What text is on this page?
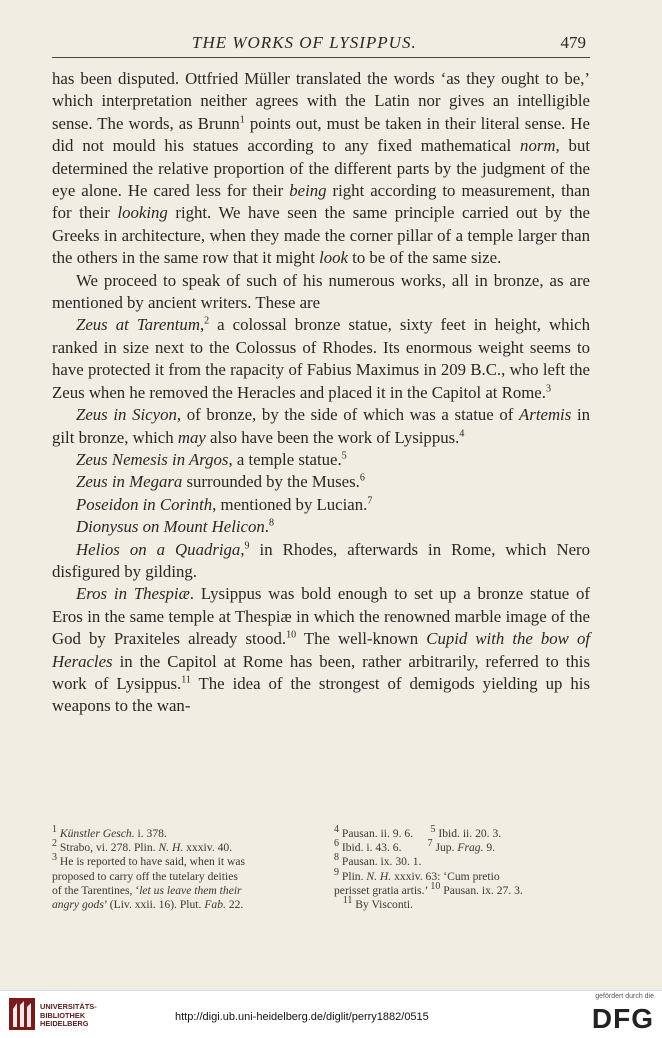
THE WORKS OF LYSIPPUS.	479

has been disputed. Ottfried Müller translated the words ‘as they ought to be,’ which interpretation neither agrees with the Latin nor gives an intelligible sense. The words, as Brunn$^1$ points out, must be taken in their literal sense. He did not mould his statues according to any fixed mathematical norm, but determined the relative proportion of the different parts by the judgment of the eye alone. He cared less for their being right according to measurement, than for their looking right. We have seen the same principle carried out by the Greeks in architecture, when they made the corner pillar of a temple larger than the others in the same row that it might look to be of the same size.

We proceed to speak of such of his numerous works, all in bronze, as are mentioned by ancient writers. These are

Zeus at Tarentum,$^2$ a colossal bronze statue, sixty feet in height, which ranked in size next to the Colossus of Rhodes. Its enormous weight seems to have protected it from the rapacity of Fabius Maximus in 209 B.C., who left the Zeus when he removed the Heracles and placed it in the Capitol at Rome.$^3$

Zeus in Sicyon, of bronze, by the side of which was a statue of Artemis in gilt bronze, which may also have been the work of Lysippus.$^4$

Zeus Nemesis in Argos, a temple statue.$^5$

Zeus in Megara surrounded by the Muses.$^6$

Poseidon in Corinth, mentioned by Lucian.$^7$

Dionysus on Mount Helicon.$^8$

Helios on a Quadriga,$^9$ in Rhodes, afterwards in Rome, which Nero disfigured by gilding.

Eros in Thespiæ. Lysippus was bold enough to set up a bronze statue of Eros in the same temple at Thespiæ in which the renowned marble image of the God by Praxiteles already stood.$^{10}$ The well-known Cupid with the bow of Heracles in the Capitol at Rome has been, rather arbitrarily, referred to this work of Lysippus.$^{11}$ The idea of the strongest of demigods yielding up his weapons to the wan-

$^1$ Künstler Gesch. i. 378.
$^2$ Strabo, vi. 278. Plin. N. H. xxxiv. 40.
$^3$ He is reported to have said, when it was
proposed to carry off the tutelary deities
of the Tarentines, ‘let us leave them their
angry gods’ (Liv. xxii. 16). Plut. Fab. 22.
$^4$ Pausan. ii. 9. 6.      $^5$ Ibid. ii. 20. 3.
$^6$ Ibid. i. 43. 6.         $^7$ Jup. Frag. 9.
$^8$ Pausan. ix. 30. 1.
$^9$ Plin. N. H. xxxiv. 63: ‘Cum pretio
perisset gratia artis.’ $^{10}$ Pausan. ix. 27. 3.
$^{11}$ By Visconti.
UNIVERSITÄTS-
BIBLIOTHEK
HEIDELBERG
http://digi.ub.uni-heidelberg.de/diglit/perry1882/0515
gefördert durch die
DFG
